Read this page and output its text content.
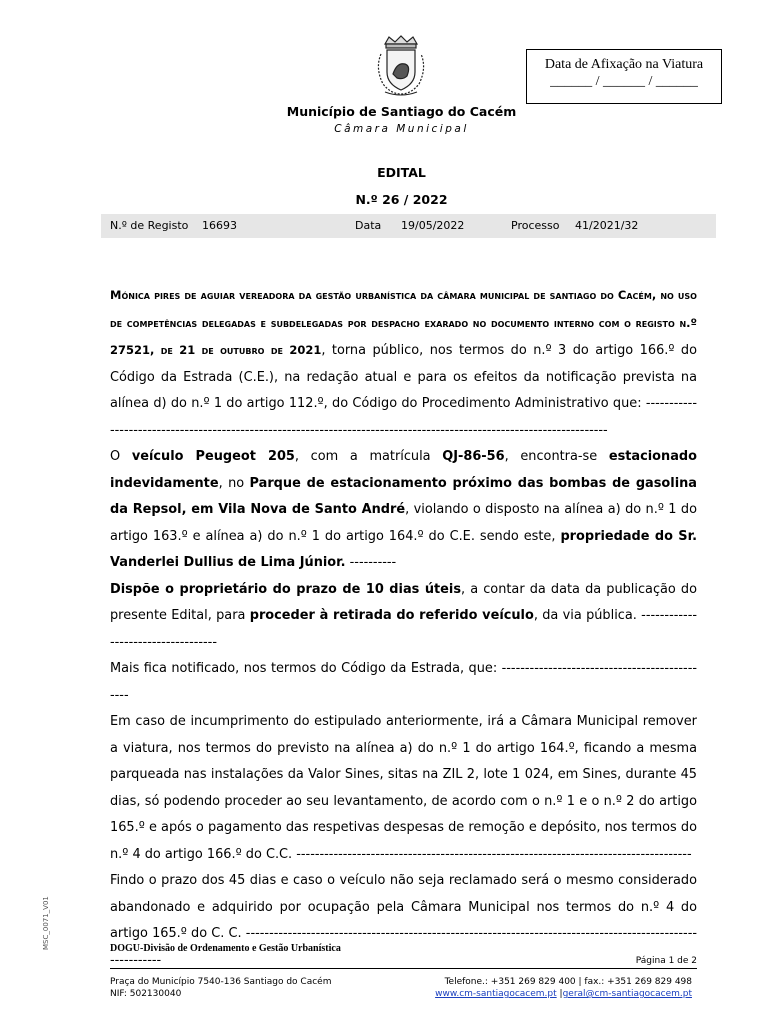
Data de Afixação na Viatura
______ / ______ / ______
Município de Santiago do Cacém
Câmara Municipal
EDITAL
N.º 26 / 2022
N.º de Registo 16693	Data 19/05/2022	Processo 41/2021/32

Mónica pires de aguiar vereadora da gestão urbanística da câmara municipal de santiago do Cacém, no uso de competências delegadas e subdelegadas por despacho exarado no documento interno com o registo n.º 27521, de 21 de outubro de 2021, torna público, nos termos do n.º 3 do artigo 166.º do Código da Estrada (C.E.), na redação atual e para os efeitos da notificação prevista na alínea d) do n.º 1 do artigo 112.º, do Código do Procedimento Administrativo que: ----------------------------------------------------------------------------------------------------------------------

O veículo Peugeot 205, com a matrícula QJ-86-56, encontra-se estacionado indevidamente, no Parque de estacionamento próximo das bombas de gasolina da Repsol, em Vila Nova de Santo André, violando o disposto na alínea a) do n.º 1 do artigo 163.º e alínea a) do n.º 1 do artigo 164.º do C.E. sendo este, propriedade do Sr. Vanderlei Dullius de Lima Júnior. ----------

Dispõe o proprietário do prazo de 10 dias úteis, a contar da data da publicação do presente Edital, para proceder à retirada do referido veículo, da via pública. -----------------------------------

Mais fica notificado, nos termos do Código da Estrada, que: ----------------------------------------------

Em caso de incumprimento do estipulado anteriormente, irá a Câmara Municipal remover a viatura, nos termos do previsto na alínea a) do n.º 1 do artigo 164.º, ficando a mesma parqueada nas instalações da Valor Sines, sitas na ZIL 2, lote 1 024, em Sines, durante 45 dias, só podendo proceder ao seu levantamento, de acordo com o n.º 1 e o n.º 2 do artigo 165.º e após o pagamento das respetivas despesas de remoção e depósito, nos termos do n.º 4 do artigo 166.º do C.C. -------------------------------------------------------------------------------------

Findo o prazo dos 45 dias e caso o veículo não seja reclamado será o mesmo considerado abandonado e adquirido por ocupação pela Câmara Municipal nos termos do n.º 4 do artigo 165.º do C. C. ------------------------------------------------------------------------------------------------------------

MSC_0071_V01	DOGU-Divisão de Ordenamento e Gestão Urbanística
Página 1 de 2
Praça do Município 7540-136 Santiago do Cacém
NIF: 502130040
Telefone.: +351 269 829 400 | fax.: +351 269 829 498
www.cm-santiagocacem.pt |geral@cm-santiagocacem.pt
